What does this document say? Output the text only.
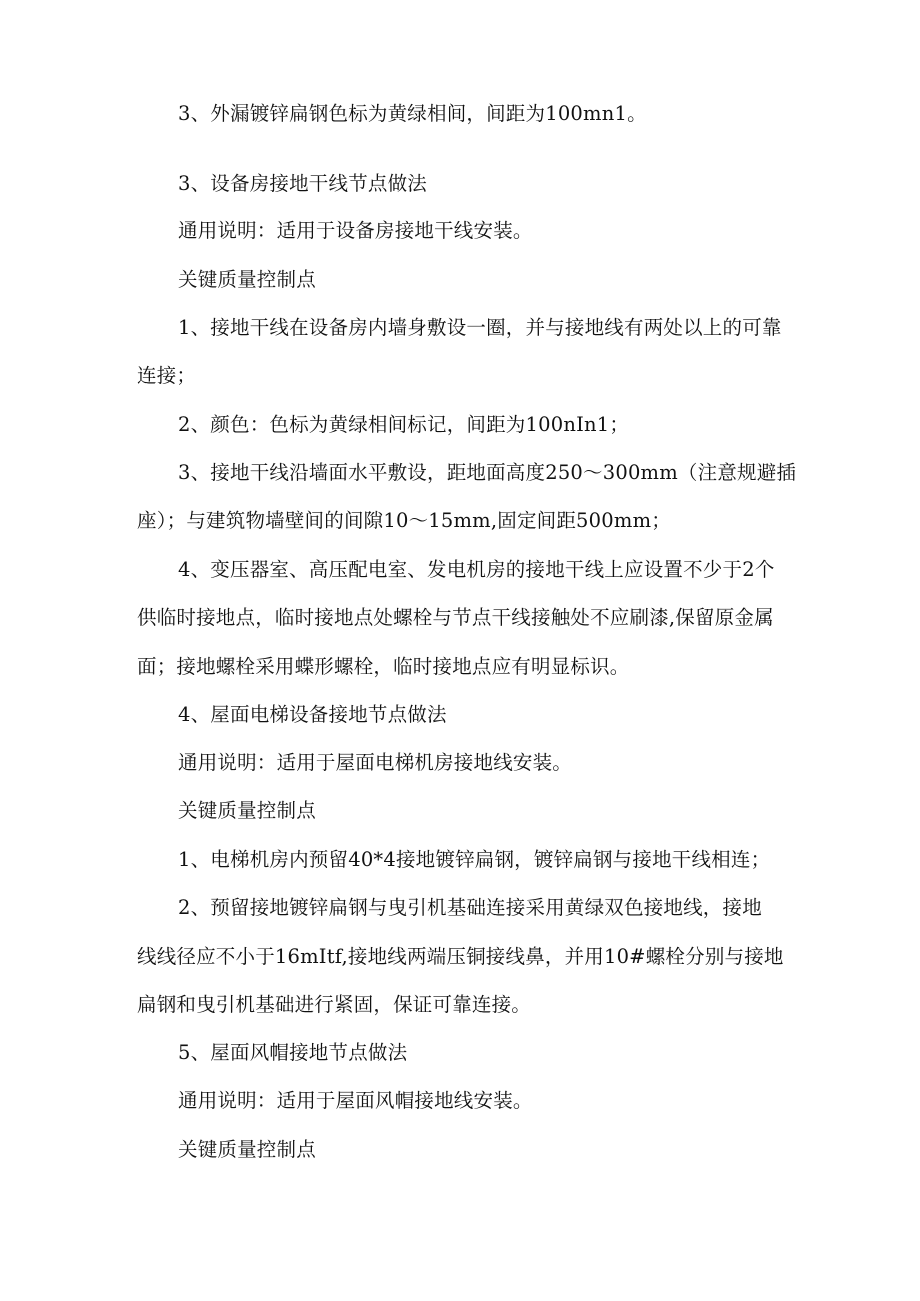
3、外漏镀锌扁钢色标为黄绿相间，间距为100mn1。

3、设备房接地干线节点做法

通用说明：适用于设备房接地干线安装。

关键质量控制点

1、接地干线在设备房内墙身敷设一圈，并与接地线有两处以上的可靠

连接；

2、颜色：色标为黄绿相间标记，间距为100nIn1；

3、接地干线沿墙面水平敷设，距地面高度250～300mm（注意规避插

座）；与建筑物墙壁间的间隙10～15mm,固定间距500mm；

4、变压器室、高压配电室、发电机房的接地干线上应设置不少于2个

供临时接地点，临时接地点处螺栓与节点干线接触处不应刷漆,保留原金属

面；接地螺栓采用蝶形螺栓，临时接地点应有明显标识。

4、屋面电梯设备接地节点做法

通用说明：适用于屋面电梯机房接地线安装。

关键质量控制点

1、电梯机房内预留40*4接地镀锌扁钢，镀锌扁钢与接地干线相连；

2、预留接地镀锌扁钢与曳引机基础连接采用黄绿双色接地线，接地

线线径应不小于16mItf,接地线两端压铜接线鼻，并用10#螺栓分别与接地

扁钢和曳引机基础进行紧固，保证可靠连接。

5、屋面风帽接地节点做法

通用说明：适用于屋面风帽接地线安装。

关键质量控制点
